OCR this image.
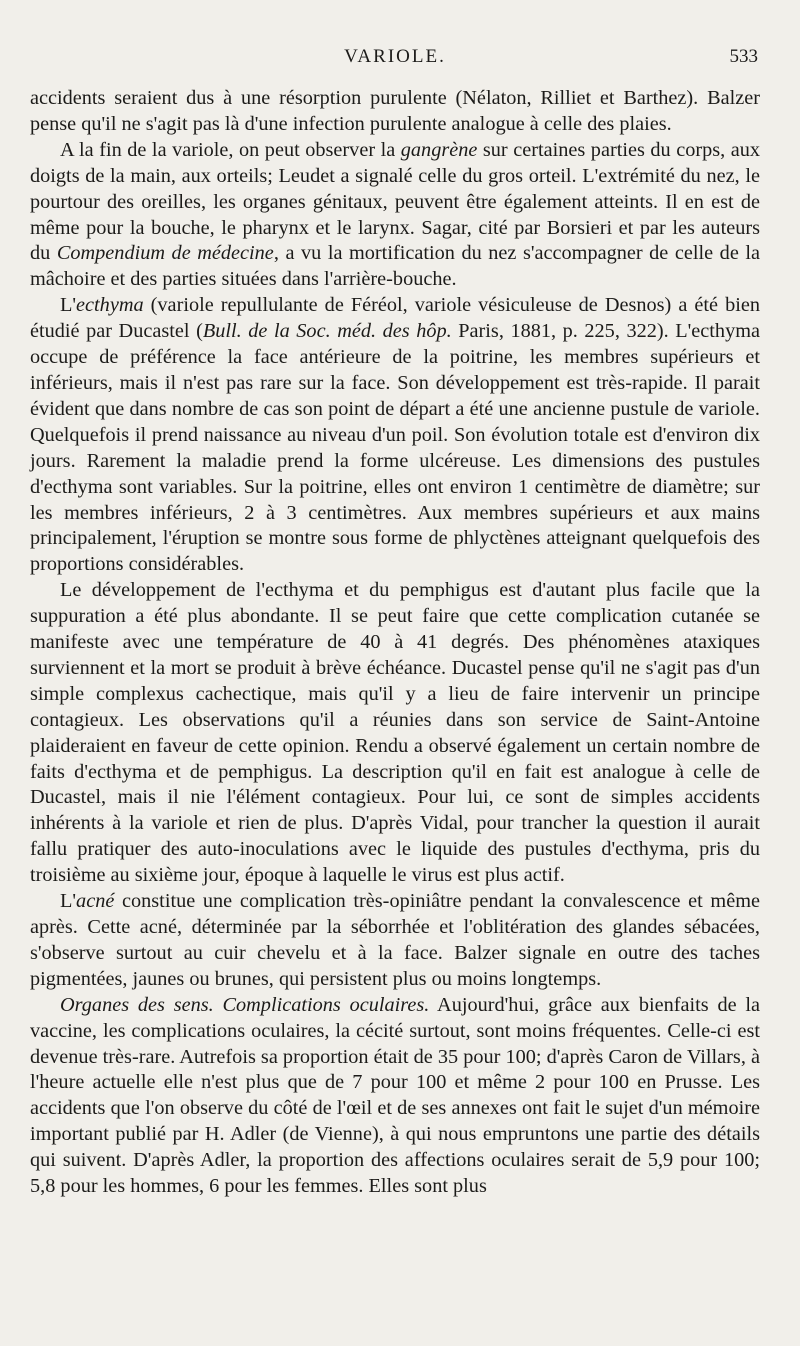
VARIOLE.	533

accidents seraient dus à une résorption purulente (Nélaton, Rilliet et Barthez). Balzer pense qu'il ne s'agit pas là d'une infection purulente analogue à celle des plaies.

A la fin de la variole, on peut observer la gangrène sur certaines parties du corps, aux doigts de la main, aux orteils; Leudet a signalé celle du gros orteil. L'extrémité du nez, le pourtour des oreilles, les organes génitaux, peuvent être également atteints. Il en est de même pour la bouche, le pharynx et le larynx. Sagar, cité par Borsieri et par les auteurs du Compendium de médecine, a vu la mortification du nez s'accompagner de celle de la mâchoire et des parties situées dans l'arrière-bouche.

L'ecthyma (variole repullulante de Féréol, variole vésiculeuse de Desnos) a été bien étudié par Ducastel (Bull. de la Soc. méd. des hôp. Paris, 1881, p. 225, 322). L'ecthyma occupe de préférence la face antérieure de la poitrine, les membres supérieurs et inférieurs, mais il n'est pas rare sur la face. Son développement est très-rapide. Il parait évident que dans nombre de cas son point de départ a été une ancienne pustule de variole. Quelquefois il prend naissance au niveau d'un poil. Son évolution totale est d'environ dix jours. Rarement la maladie prend la forme ulcéreuse. Les dimensions des pustules d'ecthyma sont variables. Sur la poitrine, elles ont environ 1 centimètre de diamètre; sur les membres inférieurs, 2 à 3 centimètres. Aux membres supérieurs et aux mains principalement, l'éruption se montre sous forme de phlyctènes atteignant quelquefois des proportions considérables.

Le développement de l'ecthyma et du pemphigus est d'autant plus facile que la suppuration a été plus abondante. Il se peut faire que cette complication cutanée se manifeste avec une température de 40 à 41 degrés. Des phénomènes ataxiques surviennent et la mort se produit à brève échéance. Ducastel pense qu'il ne s'agit pas d'un simple complexus cachectique, mais qu'il y a lieu de faire intervenir un principe contagieux. Les observations qu'il a réunies dans son service de Saint-Antoine plaideraient en faveur de cette opinion. Rendu a observé également un certain nombre de faits d'ecthyma et de pemphigus. La description qu'il en fait est analogue à celle de Ducastel, mais il nie l'élément contagieux. Pour lui, ce sont de simples accidents inhérents à la variole et rien de plus. D'après Vidal, pour trancher la question il aurait fallu pratiquer des auto-inoculations avec le liquide des pustules d'ecthyma, pris du troisième au sixième jour, époque à laquelle le virus est plus actif.

L'acné constitue une complication très-opiniâtre pendant la convalescence et même après. Cette acné, déterminée par la séborrhée et l'oblitération des glandes sébacées, s'observe surtout au cuir chevelu et à la face. Balzer signale en outre des taches pigmentées, jaunes ou brunes, qui persistent plus ou moins longtemps.

Organes des sens. Complications oculaires. Aujourd'hui, grâce aux bienfaits de la vaccine, les complications oculaires, la cécité surtout, sont moins fréquentes. Celle-ci est devenue très-rare. Autrefois sa proportion était de 35 pour 100; d'après Caron de Villars, à l'heure actuelle elle n'est plus que de 7 pour 100 et même 2 pour 100 en Prusse. Les accidents que l'on observe du côté de l'œil et de ses annexes ont fait le sujet d'un mémoire important publié par H. Adler (de Vienne), à qui nous empruntons une partie des détails qui suivent. D'après Adler, la proportion des affections oculaires serait de 5,9 pour 100; 5,8 pour les hommes, 6 pour les femmes. Elles sont plus
